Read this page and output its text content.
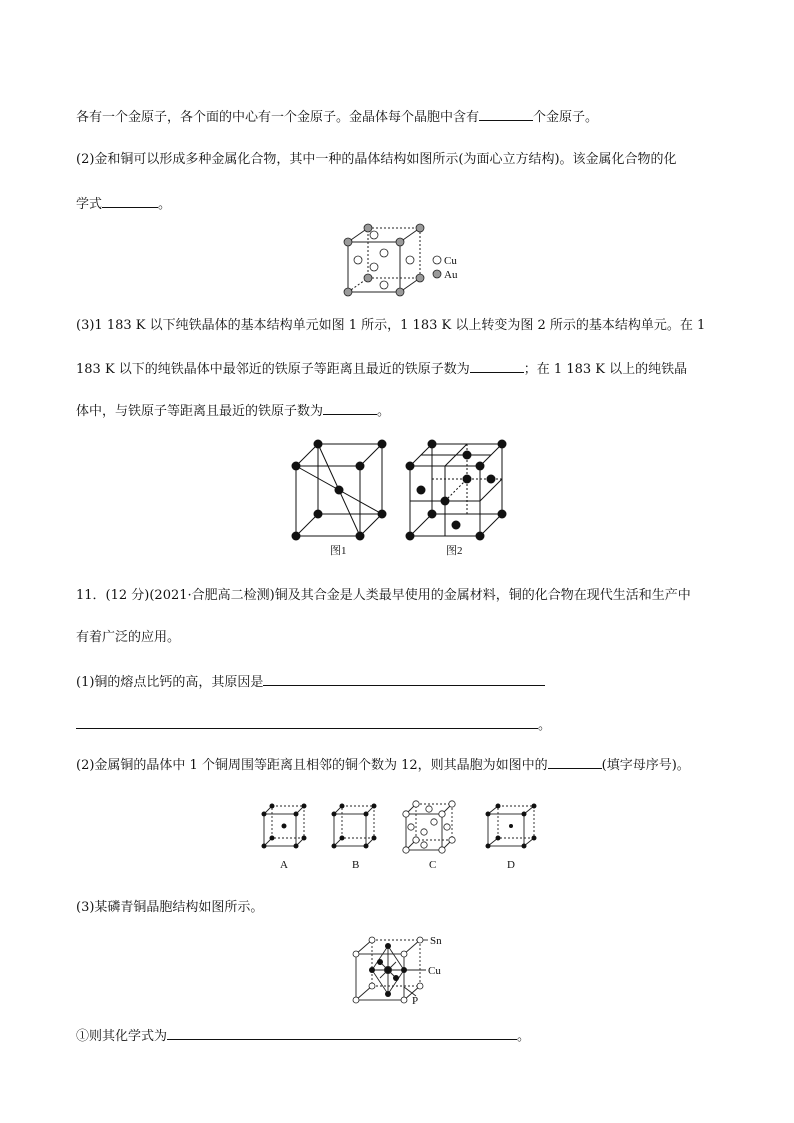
各有一个金原子，各个面的中心有一个金原子。金晶体每个晶胞中含有	个金原子。
(2)金和铜可以形成多种金属化合物，其中一种的晶体结构如图所示(为面心立方结构)。该金属化合物的化
学式	。
Cu
Au
(3)1 183 K 以下纯铁晶体的基本结构单元如图 1 所示，1 183 K 以上转变为图 2 所示的基本结构单元。在 1
183 K 以下的纯铁晶体中最邻近的铁原子等距离且最近的铁原子数为	；在 1 183 K 以上的纯铁晶
体中，与铁原子等距离且最近的铁原子数为	。
图1	图2
11．(12 分)(2021·合肥高二检测)铜及其合金是人类最早使用的金属材料，铜的化合物在现代生活和生产中
有着广泛的应用。
(1)铜的熔点比钙的高，其原因是
。
(2)金属铜的晶体中 1 个铜周围等距离且相邻的铜个数为 12，则其晶胞为如图中的	(填字母序号)。
A	B	C	D
(3)某磷青铜晶胞结构如图所示。
Sn
Cu
P
①则其化学式为	。
